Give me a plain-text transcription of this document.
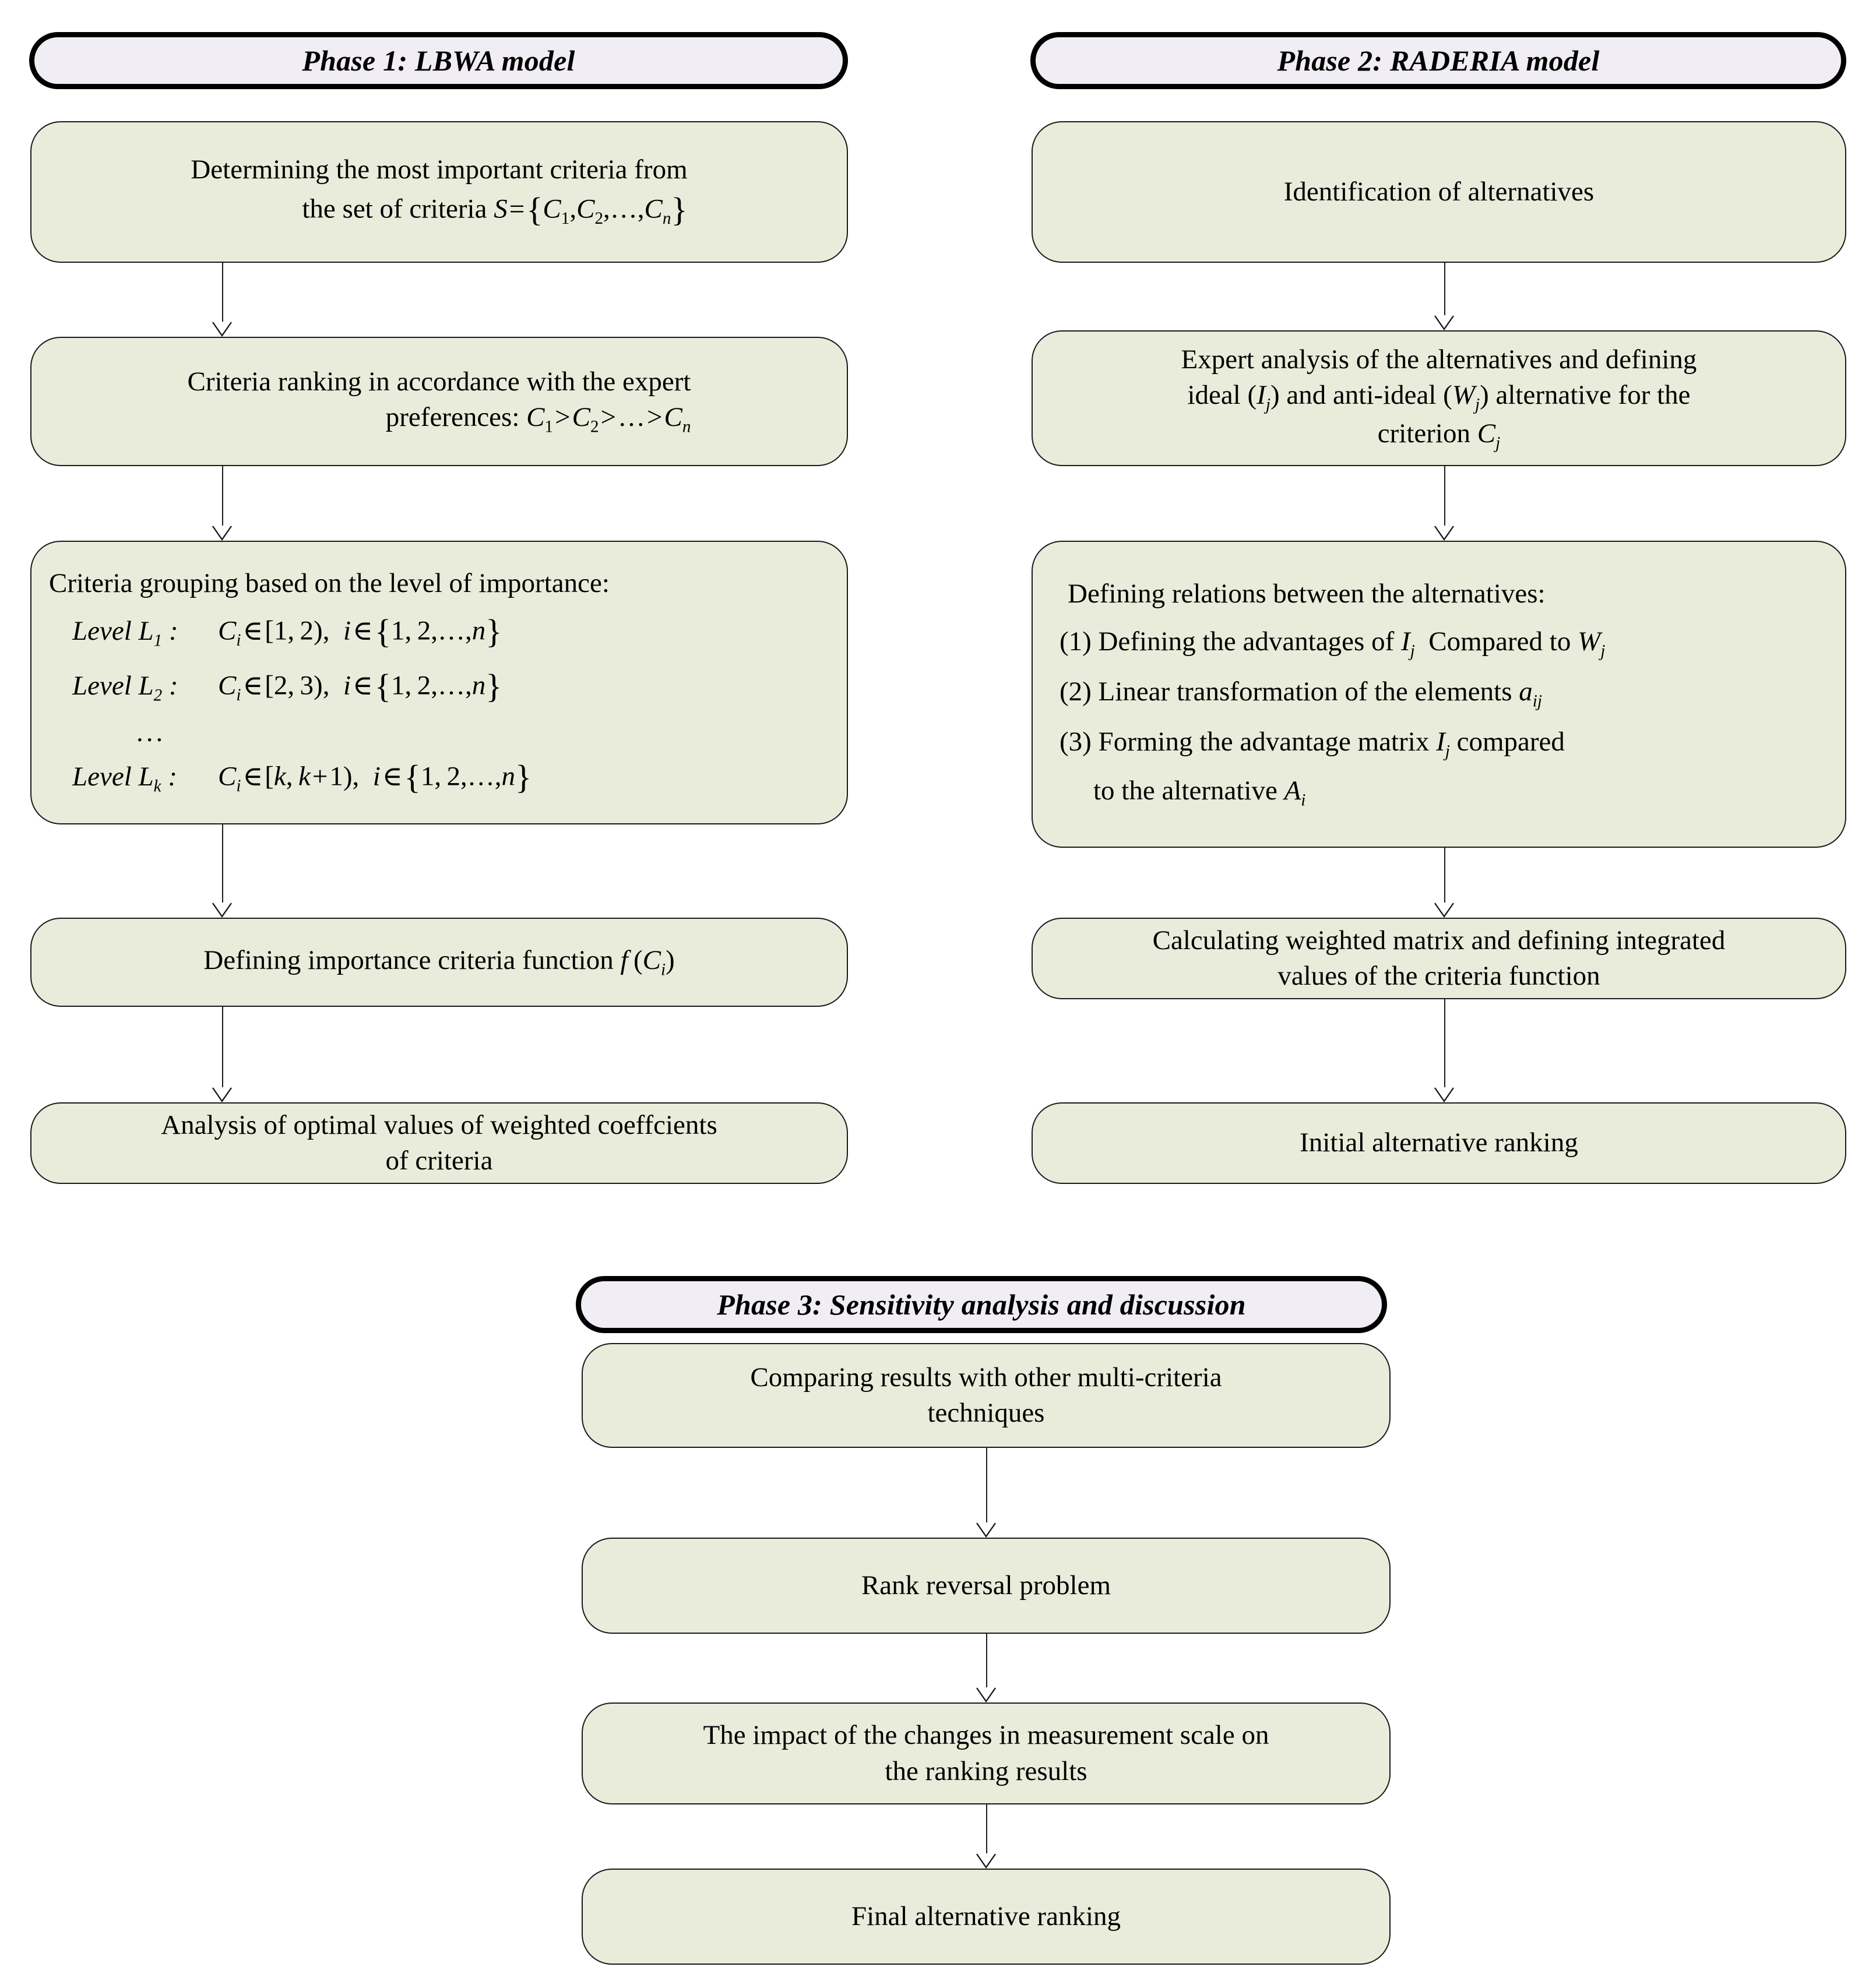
Phase 1: LBWA model
Determining the most important criteria from
the set of criteria $S=\{C_1,C_2,\dots,C_n\}$
Criteria ranking in accordance with the expert
preferences: $C_1>C_2>\dots>C_n$
Criteria grouping based on the level of importance:
Level $L_1$ : $C_i\in[1$, 2),  i∈{1, 2,…,n}
Level $L_2$ : $C_i\in[2$, 3),  i∈{1, 2,…,n}
...
Level $L_k$ : $C_i\in[k$, k+1),  i∈{1, 2,…,n}
Defining importance criteria function f $(C_i)$
Analysis of optimal values of weighted coeffcients
of criteria
Phase 2: RADERIA model
Identification of alternatives
Expert analysis of the alternatives and defining
ideal $(I_j)$ and anti-ideal $(W_j)$ alternative for the
criterion $C_j$
Defining relations between the alternatives:
(1) Defining the advantages of $I_j$  Compared to $W_j$
(2) Linear transformation of the elements $a_{ij}$
(3) Forming the advantage matrix $I_j$ compared
to the alternative $A_i$
Calculating weighted matrix and defining integrated
values of the criteria function
Initial alternative ranking
Phase 3: Sensitivity analysis and discussion
Comparing results with other multi-criteria
techniques
Rank reversal problem
The impact of the changes in measurement scale on
the ranking results
Final alternative ranking
